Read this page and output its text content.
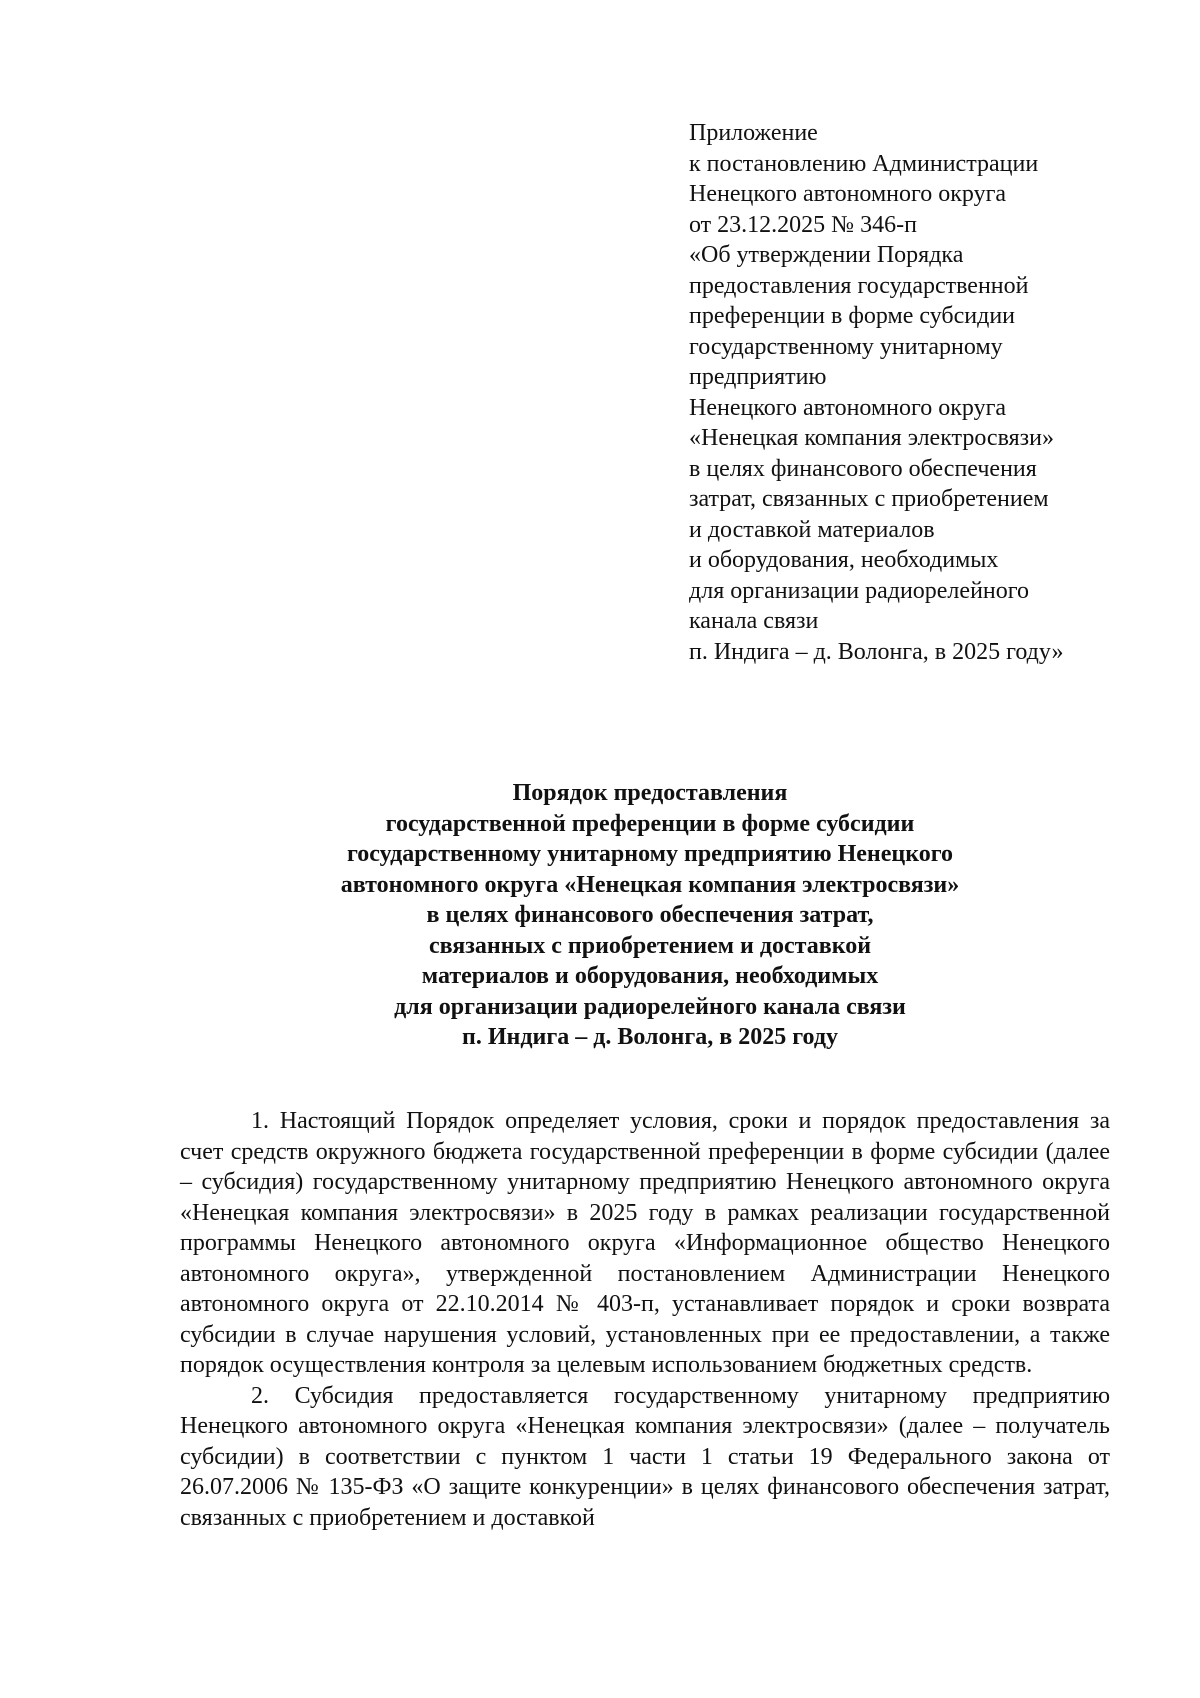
Приложение
к постановлению Администрации
Ненецкого автономного округа
от 23.12.2025 № 346-п
«Об утверждении Порядка
предоставления государственной
преференции в форме субсидии
государственному унитарному
предприятию
Ненецкого автономного округа
«Ненецкая компания электросвязи»
в целях финансового обеспечения
затрат, связанных с приобретением
и доставкой материалов
и оборудования, необходимых
для организации радиорелейного
канала связи
п. Индига – д. Волонга, в 2025 году»
Порядок предоставления
государственной преференции в форме субсидии
государственному унитарному предприятию Ненецкого
автономного округа «Ненецкая компания электросвязи»
в целях финансового обеспечения затрат,
связанных с приобретением и доставкой
материалов и оборудования, необходимых
для организации радиорелейного канала связи
п. Индига – д. Волонга, в 2025 году

1. Настоящий Порядок определяет условия, сроки и порядок предоставления за счет средств окружного бюджета государственной преференции в форме субсидии (далее – субсидия) государственному унитарному предприятию Ненецкого автономного округа «Ненецкая компания электросвязи» в 2025 году в рамках реализации государственной программы Ненецкого автономного округа «Информационное общество Ненецкого автономного округа», утвержденной постановлением Администрации Ненецкого автономного округа от 22.10.2014 № 403-п, устанавливает порядок и сроки возврата субсидии в случае нарушения условий, установленных при ее предоставлении, а также порядок осуществления контроля за целевым использованием бюджетных средств.

2. Субсидия предоставляется государственному унитарному предприятию Ненецкого автономного округа «Ненецкая компания электросвязи» (далее – получатель субсидии) в соответствии с пунктом 1 части 1 статьи 19 Федерального закона от 26.07.2006 № 135-ФЗ «О защите конкуренции» в целях финансового обеспечения затрат, связанных с приобретением и доставкой
